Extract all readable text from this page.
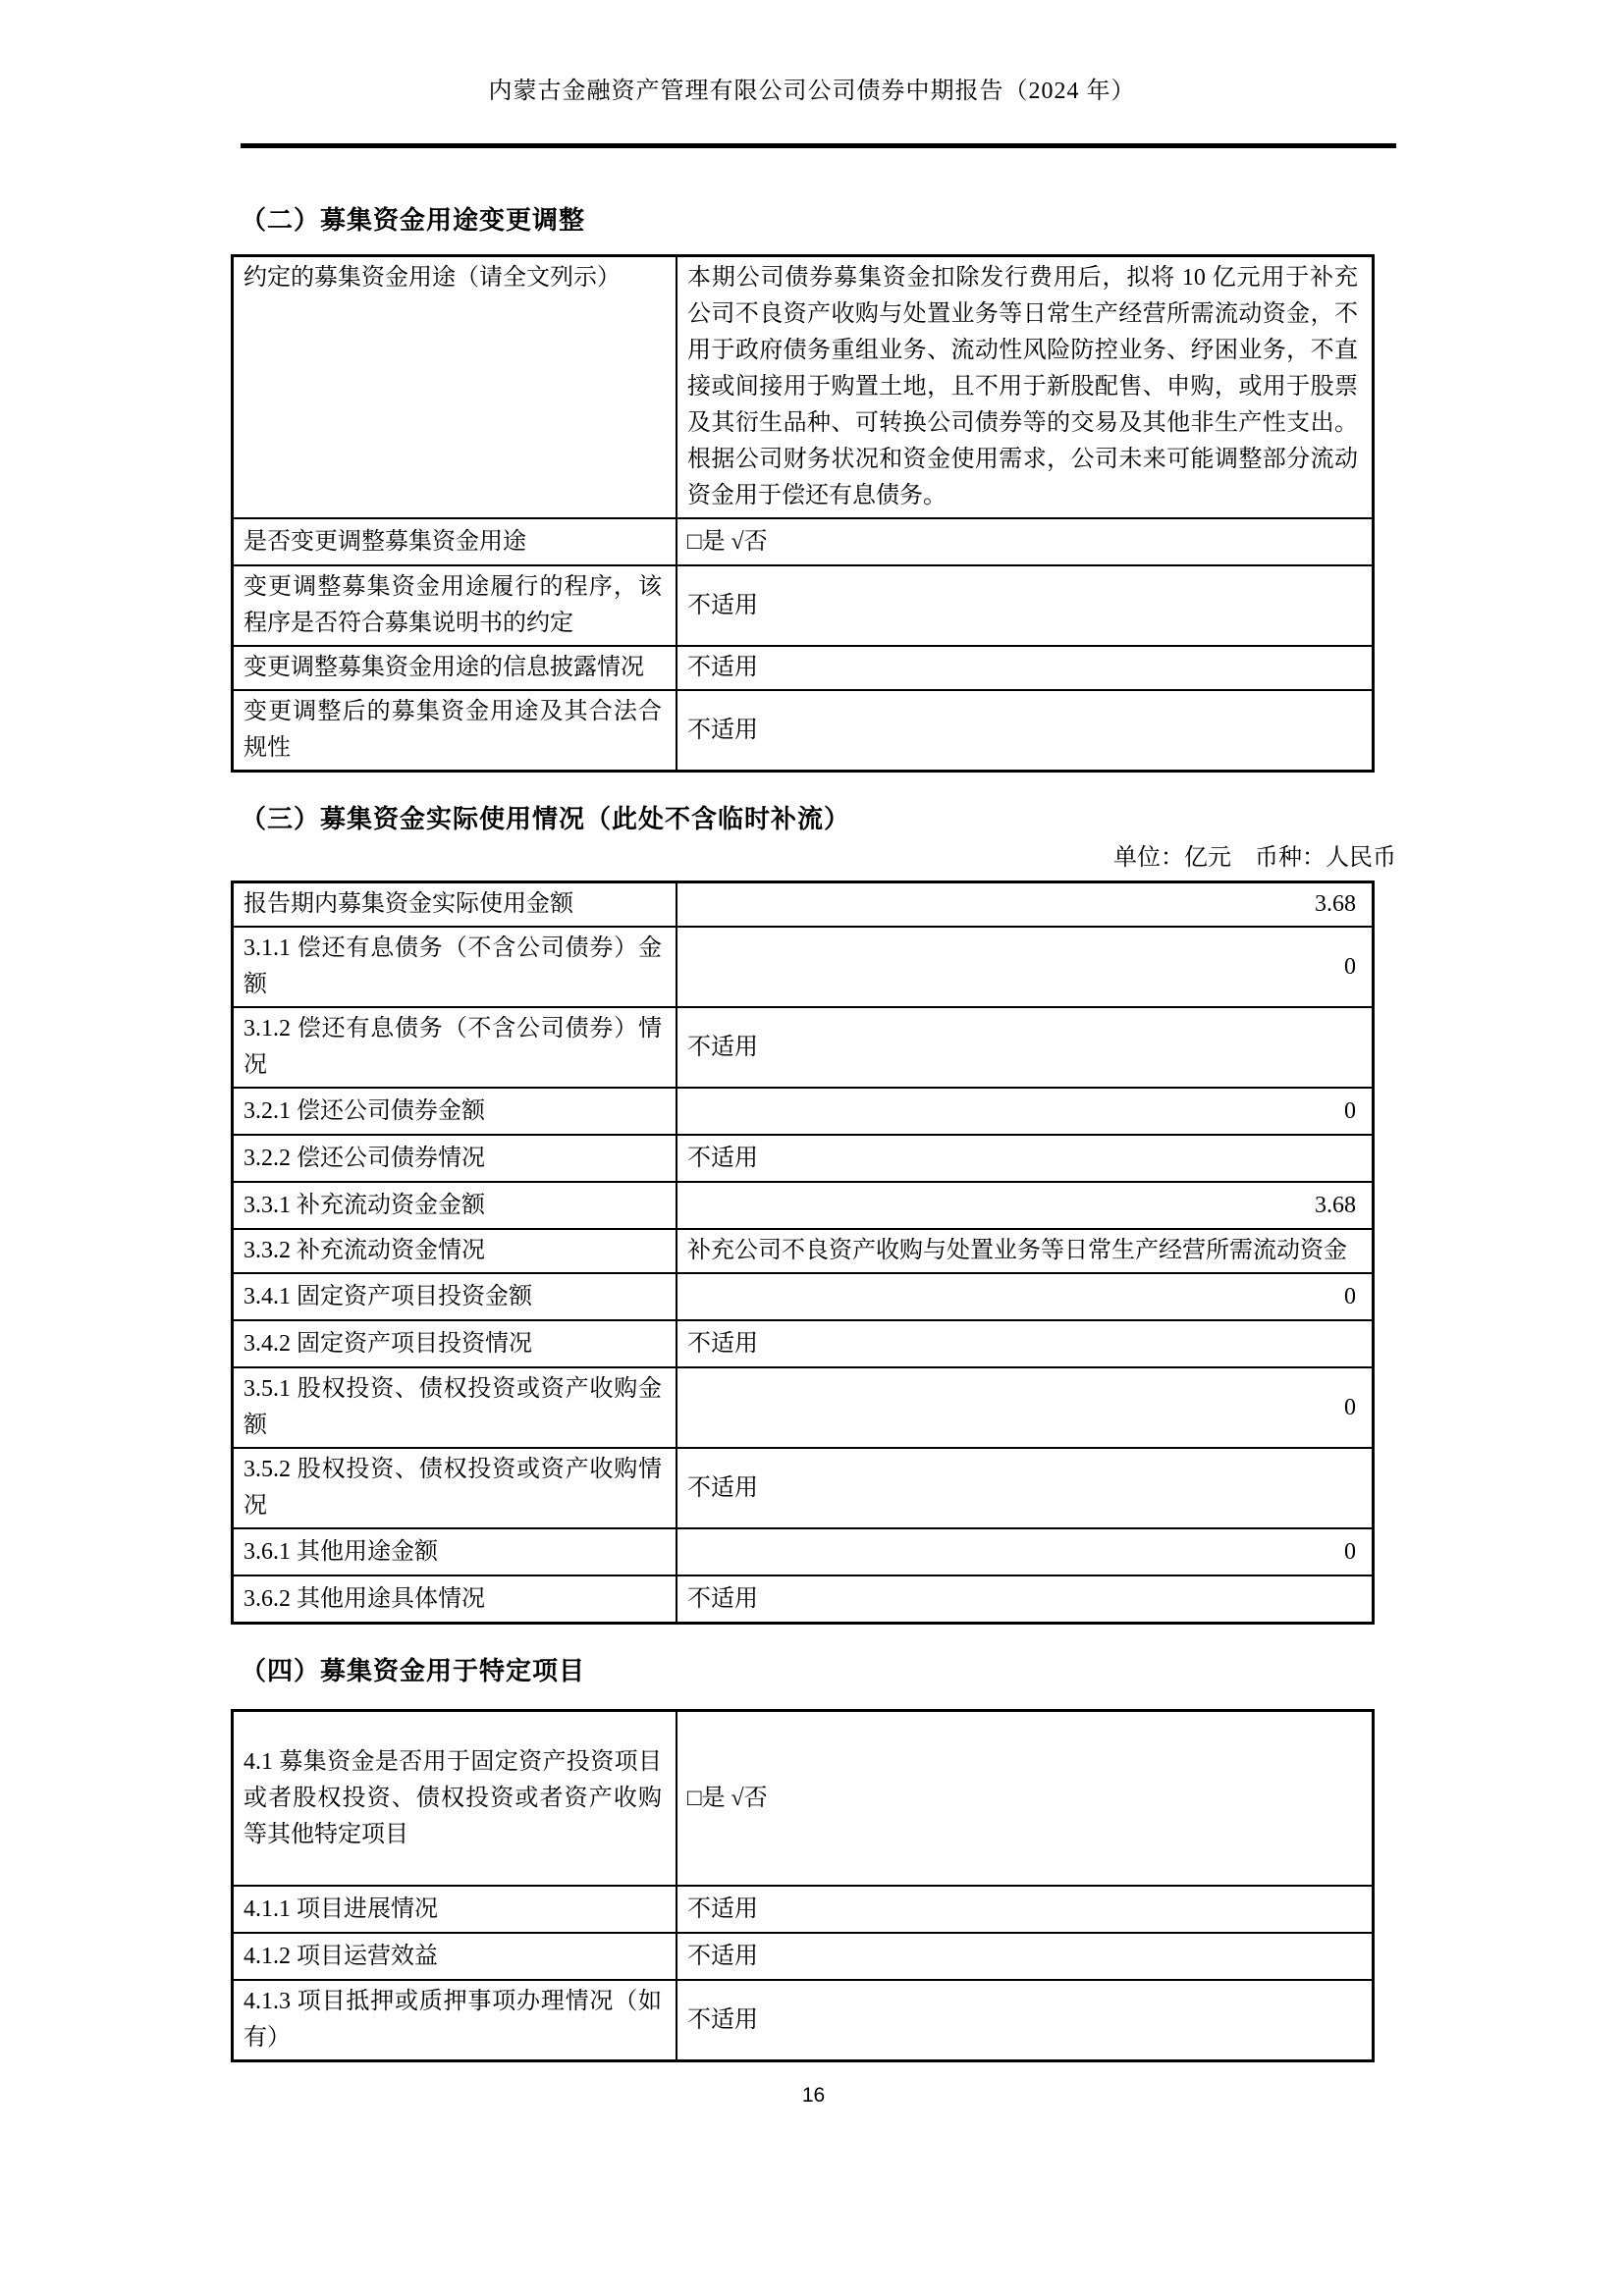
内蒙古金融资产管理有限公司公司债券中期报告（2024 年）
（二）募集资金用途变更调整
约定的募集资金用途（请全文列示）	本期公司债券募集资金扣除发行费用后，拟将 10 亿元用于补充公司不良资产收购与处置业务等日常生产经营所需流动资金，不用于政府债务重组业务、流动性风险防控业务、纾困业务，不直接或间接用于购置土地，且不用于新股配售、申购，或用于股票及其衍生品种、可转换公司债券等的交易及其他非生产性支出。根据公司财务状况和资金使用需求，公司未来可能调整部分流动资金用于偿还有息债务。
是否变更调整募集资金用途	□是 √否
变更调整募集资金用途履行的程序，该程序是否符合募集说明书的约定	不适用
变更调整募集资金用途的信息披露情况	不适用
变更调整后的募集资金用途及其合法合规性	不适用
（三）募集资金实际使用情况（此处不含临时补流）
单位：亿元　币种：人民币
报告期内募集资金实际使用金额	3.68
3.1.1 偿还有息债务（不含公司债券）金额	0
3.1.2 偿还有息债务（不含公司债券）情况	不适用
3.2.1 偿还公司债券金额	0
3.2.2 偿还公司债券情况	不适用
3.3.1 补充流动资金金额	3.68
3.3.2 补充流动资金情况	补充公司不良资产收购与处置业务等日常生产经营所需流动资金
3.4.1 固定资产项目投资金额	0
3.4.2 固定资产项目投资情况	不适用
3.5.1 股权投资、债权投资或资产收购金额	0
3.5.2 股权投资、债权投资或资产收购情况	不适用
3.6.1 其他用途金额	0
3.6.2 其他用途具体情况	不适用
（四）募集资金用于特定项目
4.1 募集资金是否用于固定资产投资项目或者股权投资、债权投资或者资产收购等其他特定项目	□是 √否
4.1.1 项目进展情况	不适用
4.1.2 项目运营效益	不适用
4.1.3 项目抵押或质押事项办理情况（如有）	不适用
16
